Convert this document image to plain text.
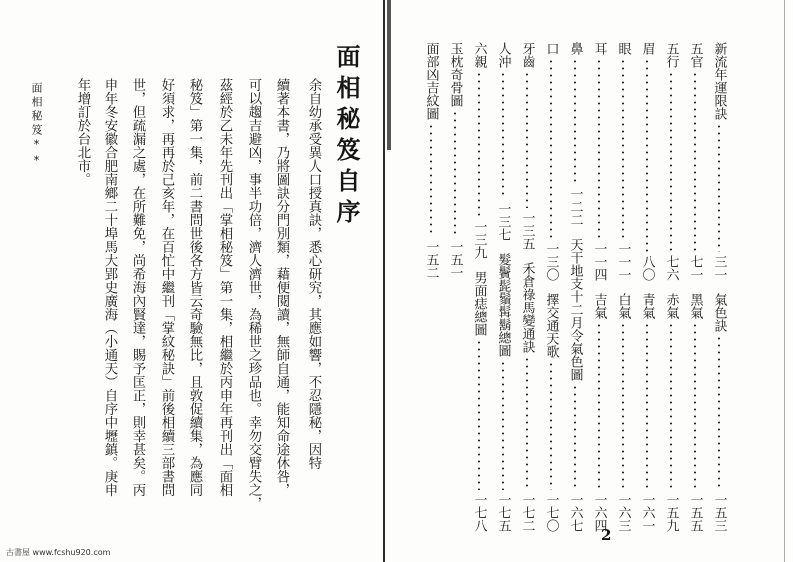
面相秘笈**	面相秘笈自序
余自幼承受異人口授真訣，悉心研究，其應如響，不忍隱秘，因特
續著本書，乃將圖訣分門別類，藉便閱讀，無師自通，能知命途休咎，
可以趨吉避凶，事半功倍，濟人濟世，為稀世之珍品也。幸勿交臂失之，
茲經於乙未年先刊出「掌相秘笈」第一集，相繼於丙申年再刊出「面相
秘笈」第一集，前二書問世後各方皆云奇驗無比，且敦促續集，為應同
好須求，再再於己亥年，在百忙中繼刊「掌紋秘訣」前後相續三部書問
世，但疏漏之處，在所難免，尚希海內賢達，賜予匡正，則幸甚矣。丙
申年冬安徽合肥南鄉二十埠馬大郢史廣海（小通天）自序中壢鎮。庚申
年增訂於台北市。	新流年運限訣
三一
氣色訣
一五三
五官
七一
黑氣
一五五
五行
七六
赤氣
一五九
眉
八〇
青氣
一六一
眼
一一一
白氣
一六三
耳
一一四
吉氣
一六四
鼻
一二二
天干地支十二月令氣色圖
一六七
口
一三〇
擇交通天歌
一七〇
牙齒
一三五
禾倉祿馬變通訣
一七二
人沖
一三七
髮鬢髭鬚髯鬍總圖
一七五
六親
一三九
男面痣總圖
一七八
玉枕奇骨圖
一五一
面部凶吉紋圖
一五二
2
古書屋 www.fcshu920.com
